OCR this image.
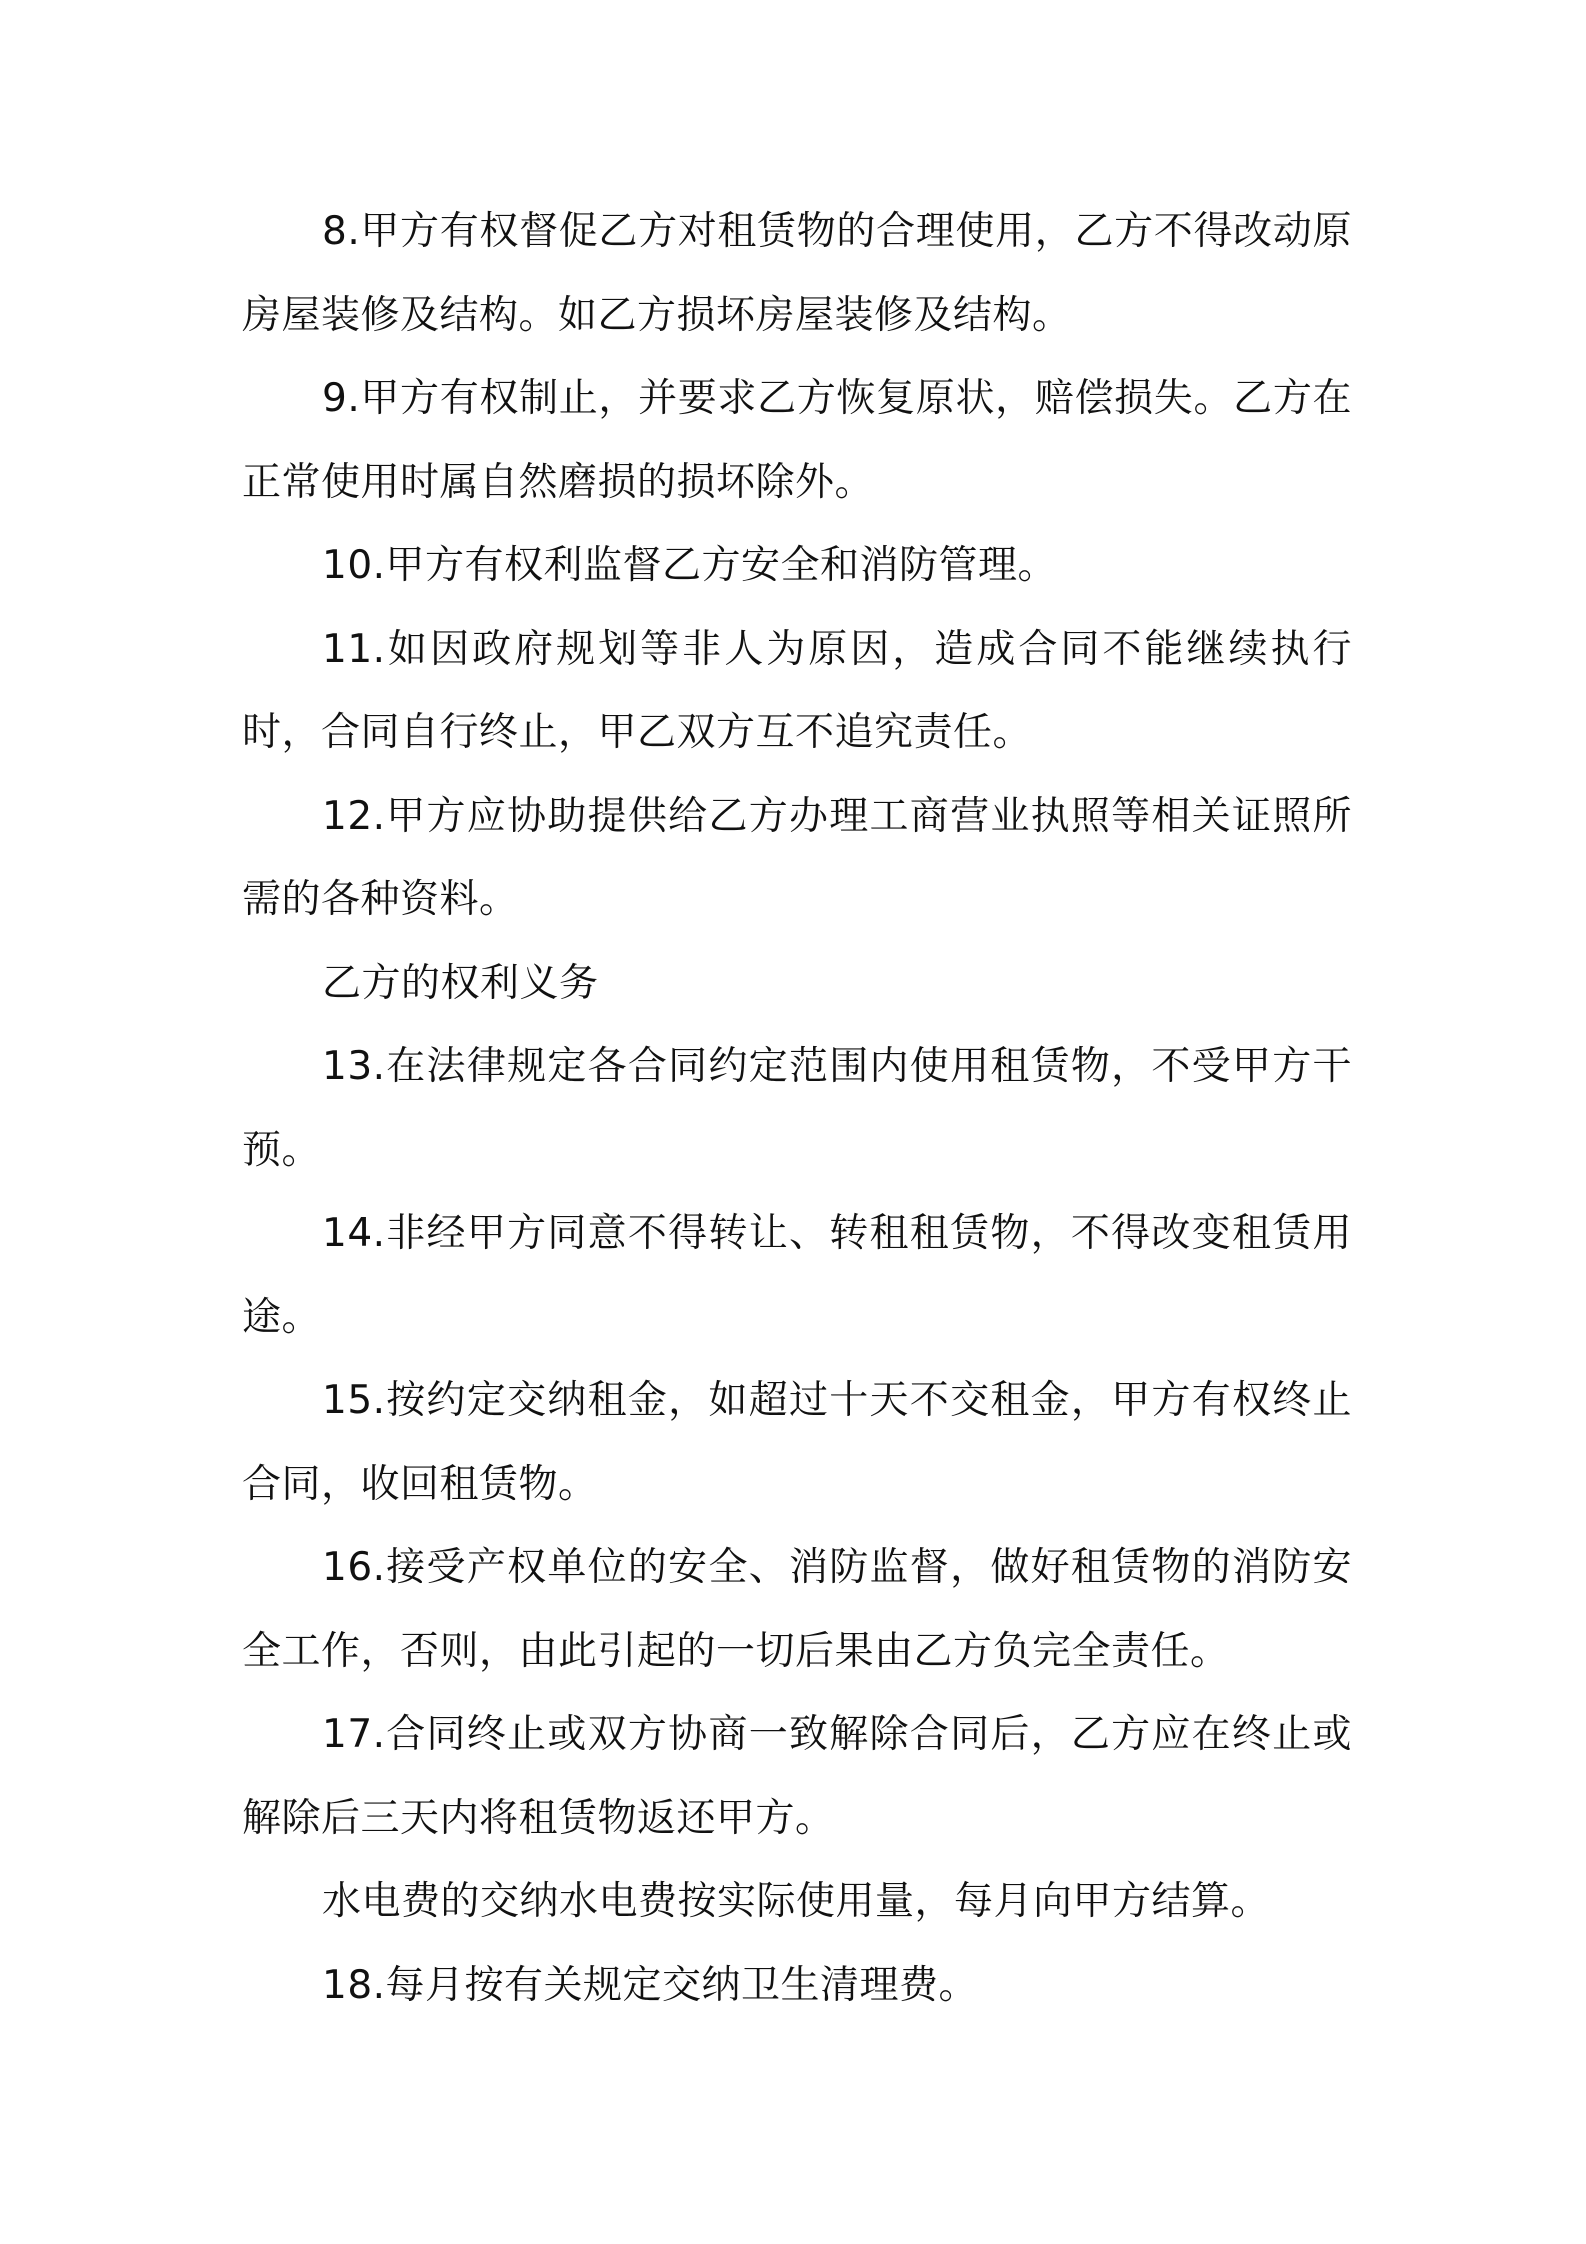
8.甲方有权督促乙方对租赁物的合理使用，乙方不得改动原房屋装修及结构。如乙方损坏房屋装修及结构。

9.甲方有权制止，并要求乙方恢复原状，赔偿损失。乙方在正常使用时属自然磨损的损坏除外。

10.甲方有权利监督乙方安全和消防管理。

11.如因政府规划等非人为原因，造成合同不能继续执行时，合同自行终止，甲乙双方互不追究责任。

12.甲方应协助提供给乙方办理工商营业执照等相关证照所需的各种资料。

乙方的权利义务

13.在法律规定各合同约定范围内使用租赁物，不受甲方干预。

14.非经甲方同意不得转让、转租租赁物，不得改变租赁用途。

15.按约定交纳租金，如超过十天不交租金，甲方有权终止合同，收回租赁物。

16.接受产权单位的安全、消防监督，做好租赁物的消防安全工作，否则，由此引起的一切后果由乙方负完全责任。

17.合同终止或双方协商一致解除合同后，乙方应在终止或解除后三天内将租赁物返还甲方。

水电费的交纳水电费按实际使用量，每月向甲方结算。

18.每月按有关规定交纳卫生清理费。
